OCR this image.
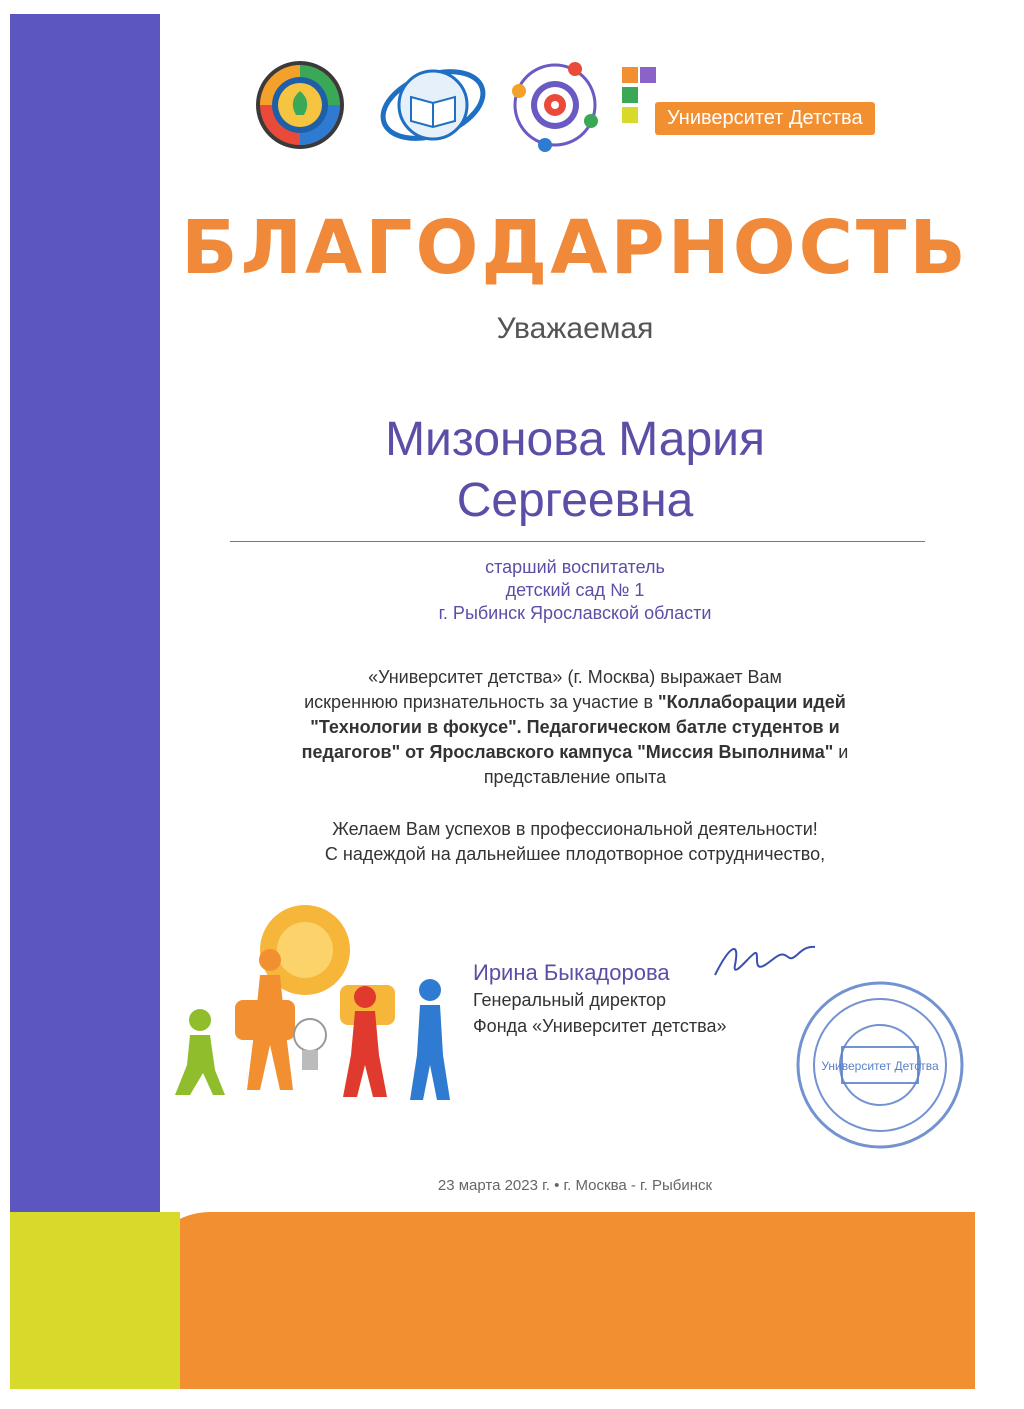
Университет Детства
БЛАГОДАРНОСТЬ
Уважаемая
Мизонова Мария
Сергеевна
старший воспитатель
детский сад № 1
г. Рыбинск Ярославской области
«Университет детства» (г. Москва) выражает Вам
искреннюю признательность за участие в "Коллаборации идей
"Технологии в фокусе". Педагогическом батле студентов и
педагогов" от Ярославского кампуса "Миссия Выполнима" и
представление опыта
Желаем Вам успехов в профессиональной деятельности!
С надеждой на дальнейшее плодотворное сотрудничество,
Ирина Быкадорова
Генеральный директор
Фонда «Университет детства»
Университет Детства
23 марта 2023 г. • г. Москва - г. Рыбинск
